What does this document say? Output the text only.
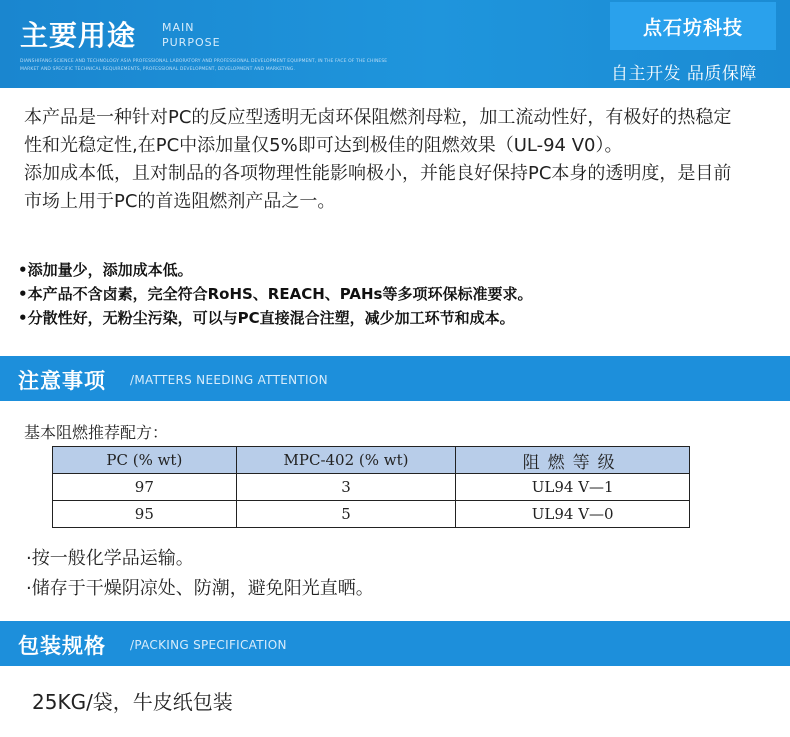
主要用途 MAIN
PURPOSE
DIANSHIFANG SCIENCE AND TECHNOLOGY ASIA PROFESSIONAL LABORATORY AND PROFESSIONAL DEVELOPMENT EQUIPMENT, IN THE FACE OF THE CHINESE
MARKET AND SPECIFIC TECHNICAL REQUIREMENTS, PROFESSIONAL DEVELOPMENT, DEVELOPMENT AND MARKETING.
点石坊科技
自主开发 品质保障

本产品是一种针对PC的反应型透明无卤环保阻燃剂母粒，加工流动性好，有极好的热稳定性和光稳定性,在PC中添加量仅5%即可达到极佳的阻燃效果（UL-94 V0）。

添加成本低，且对制品的各项物理性能影响极小，并能良好保持PC本身的透明度，是目前市场上用于PC的首选阻燃剂产品之一。

•添加量少，添加成本低。
•本产品不含卤素，完全符合RoHS、REACH、PAHs等多项环保标准要求。
•分散性好，无粉尘污染，可以与PC直接混合注塑，减少加工环节和成本。
注意事项 /MATTERS NEEDING ATTENTION
基本阻燃推荐配方：
PC (% wt)	MPC-402 (% wt)	阻燃等级
97	3	UL94 V—1
95	5	UL94 V—0
·按一般化学品运输。
·储存于干燥阴凉处、防潮，避免阳光直晒。
包装规格 /PACKING SPECIFICATION
25KG/袋，牛皮纸包装
